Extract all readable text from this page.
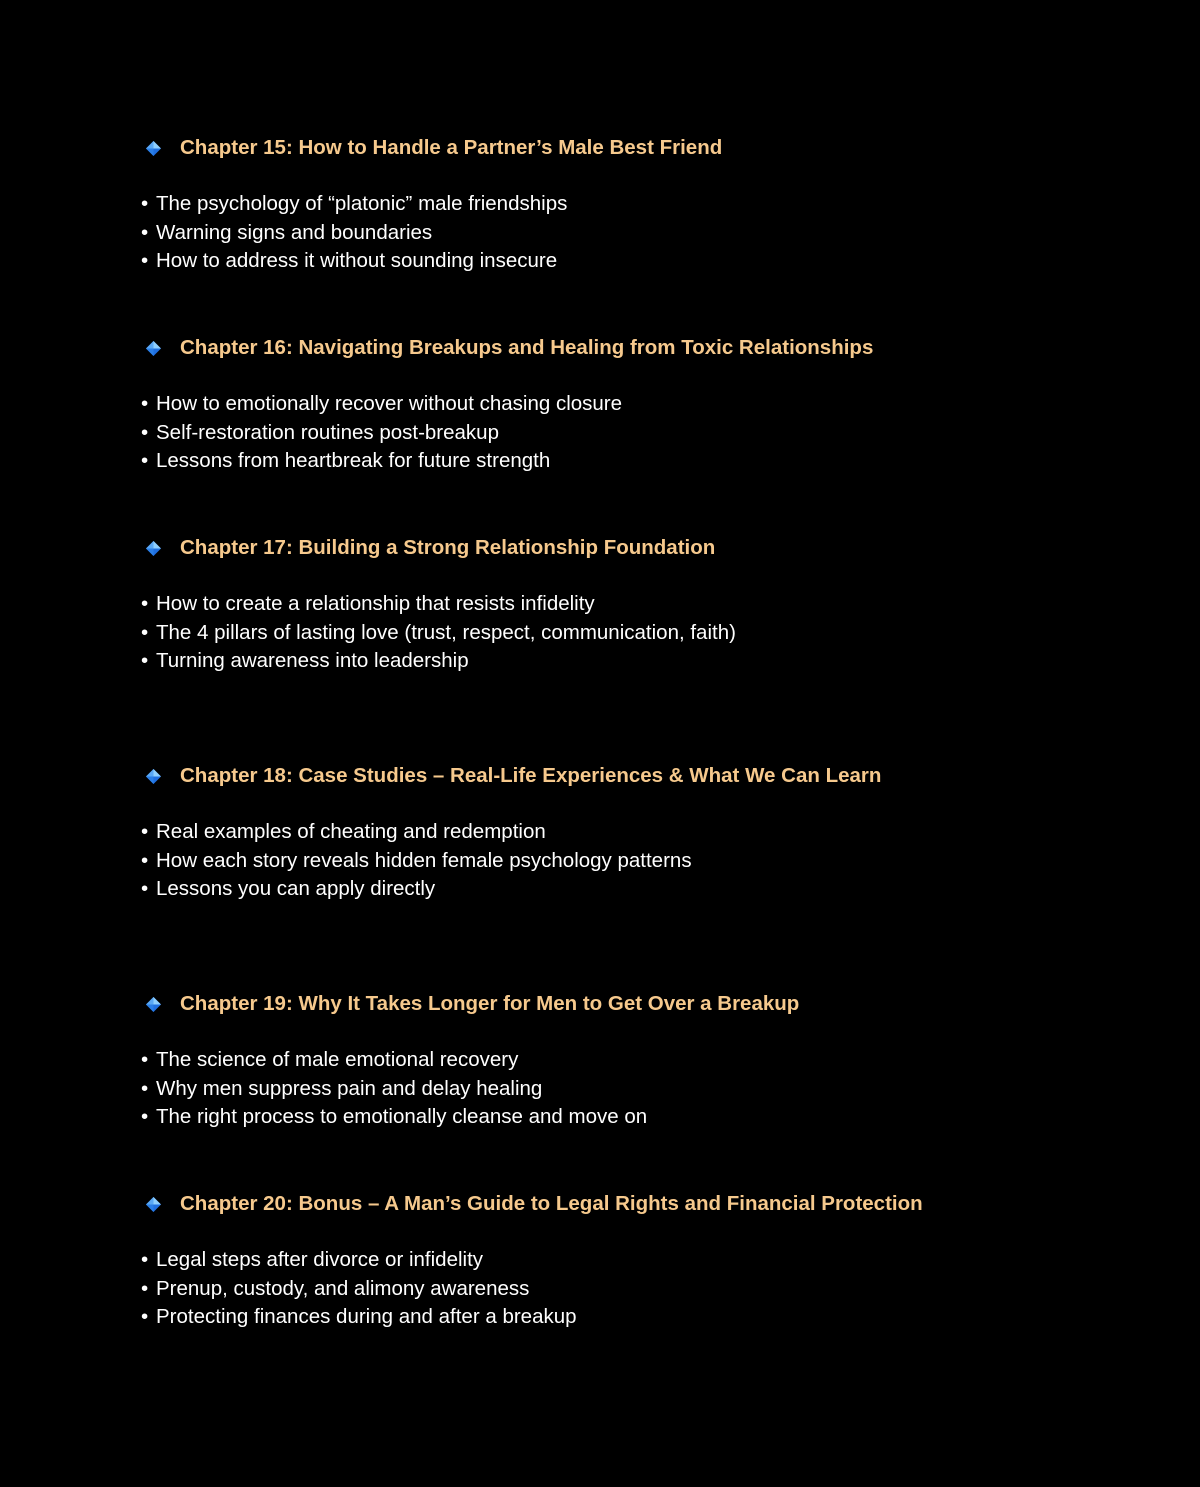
Chapter 15: How to Handle a Partner’s Male Best Friend
• The psychology of “platonic” male friendships
• Warning signs and boundaries
• How to address it without sounding insecure
Chapter 16: Navigating Breakups and Healing from Toxic Relationships
• How to emotionally recover without chasing closure
• Self-restoration routines post-breakup
• Lessons from heartbreak for future strength
Chapter 17: Building a Strong Relationship Foundation
• How to create a relationship that resists infidelity
• The 4 pillars of lasting love (trust, respect, communication, faith)
• Turning awareness into leadership
Chapter 18: Case Studies – Real-Life Experiences & What We Can Learn
• Real examples of cheating and redemption
• How each story reveals hidden female psychology patterns
• Lessons you can apply directly
Chapter 19: Why It Takes Longer for Men to Get Over a Breakup
• The science of male emotional recovery
• Why men suppress pain and delay healing
• The right process to emotionally cleanse and move on
Chapter 20: Bonus – A Man’s Guide to Legal Rights and Financial Protection
• Legal steps after divorce or infidelity
• Prenup, custody, and alimony awareness
• Protecting finances during and after a breakup
